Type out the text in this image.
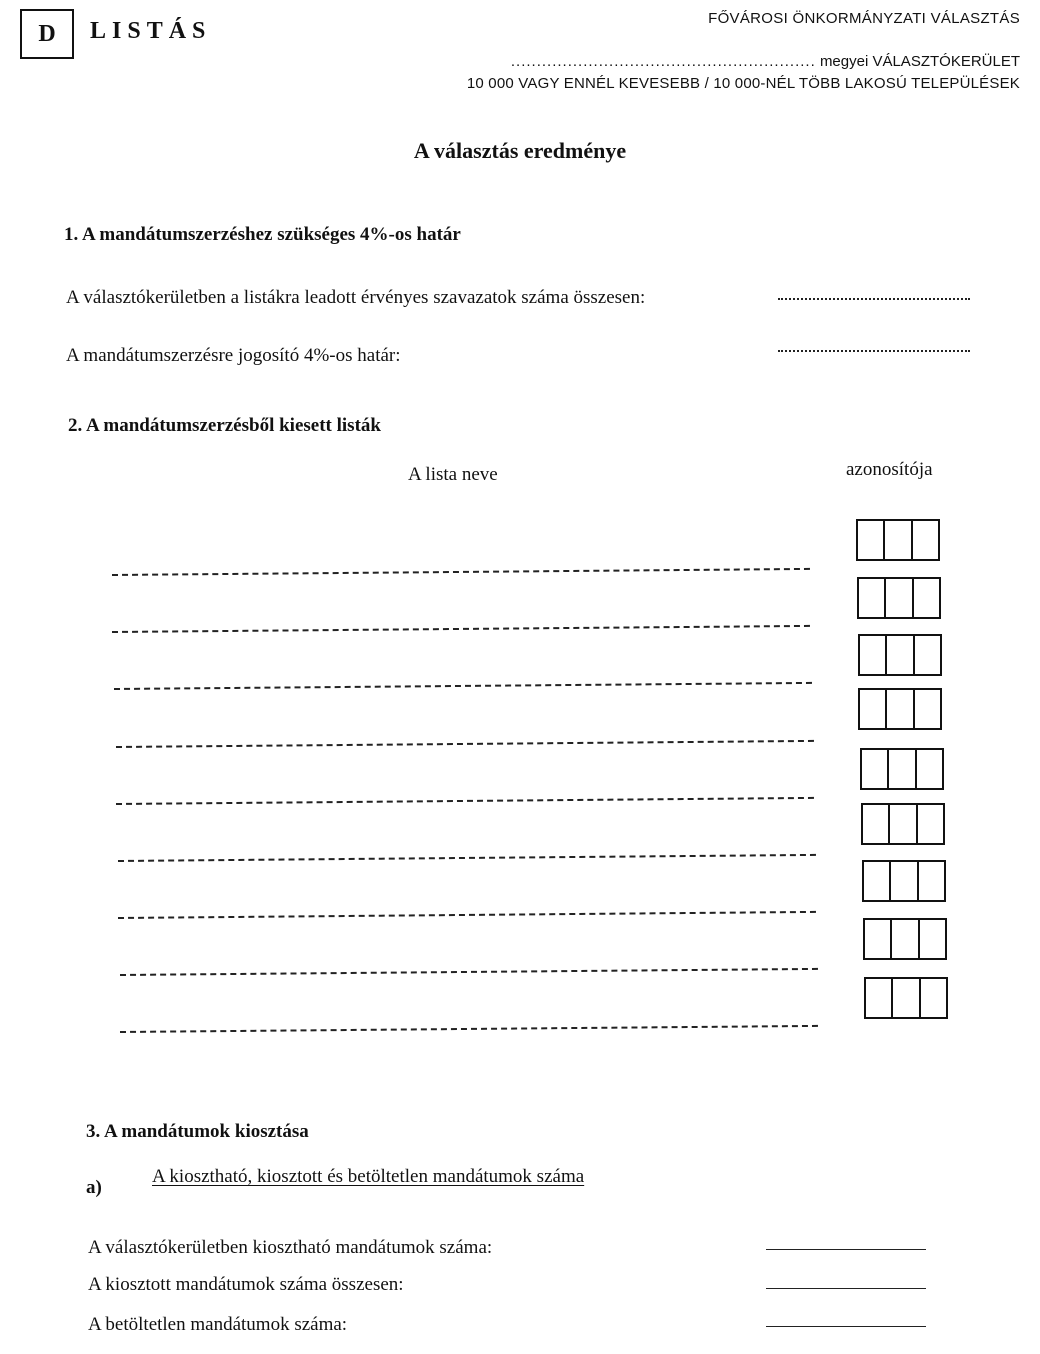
D	LISTÁS	FŐVÁROSI ÖNKORMÁNYZATI VÁLASZTÁS
........................................................... megyei VÁLASZTÓKERÜLET
10 000 VAGY ENNÉL KEVESEBB / 10 000-NÉL TÖBB LAKOSÚ TELEPÜLÉSEK
A választás eredménye
1. A mandátumszerzéshez szükséges 4%-os határ
A választókerületben a listákra leadott érvényes szavazatok száma összesen:
A mandátumszerzésre jogosító 4%-os határ:
2. A mandátumszerzésből kiesett listák
A lista neve	azonosítója
3. A mandátumok kiosztása
a)
A kiosztható, kiosztott és betöltetlen mandátumok száma
A választókerületben kiosztható mandátumok száma:
A kiosztott mandátumok száma összesen:
A betöltetlen mandátumok száma:
